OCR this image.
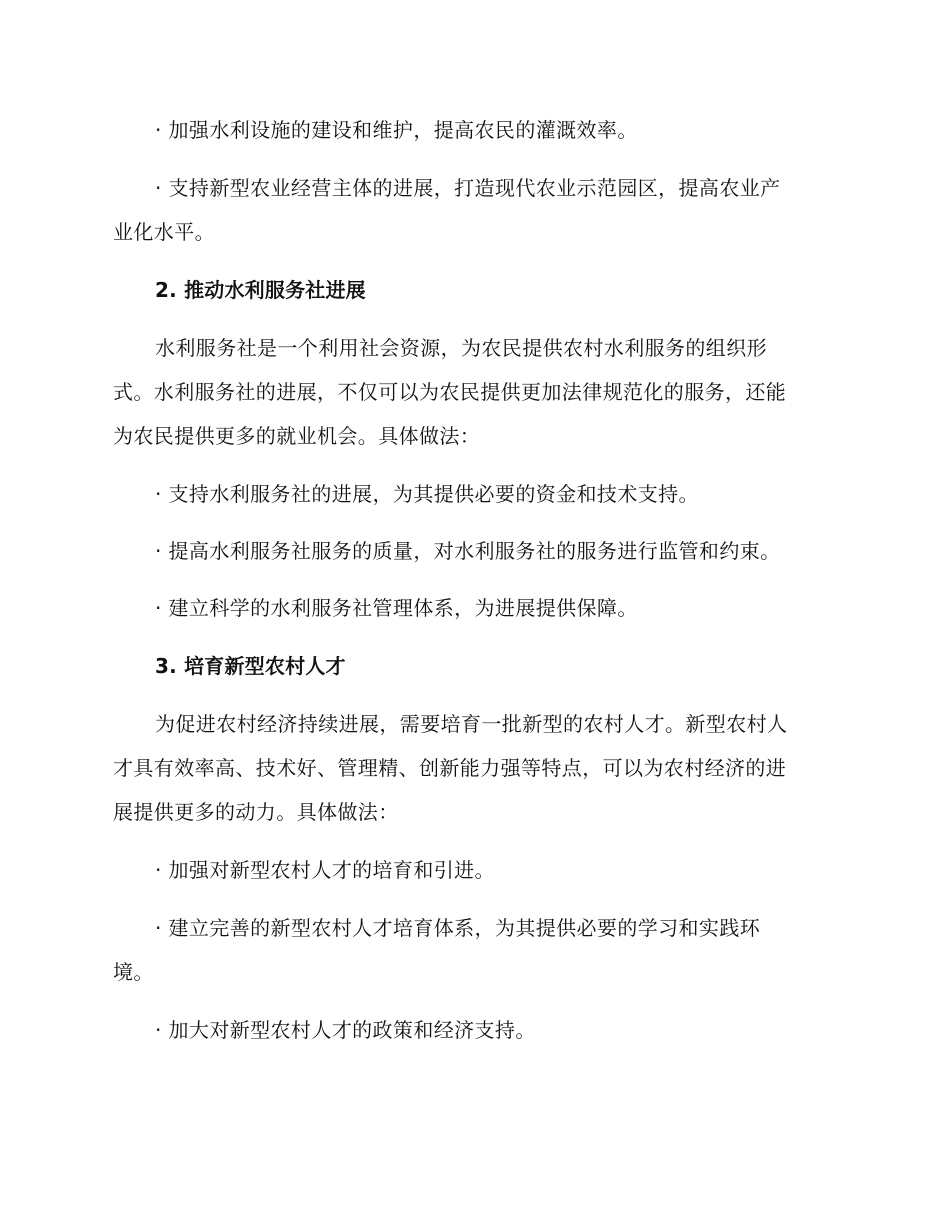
· 加强水利设施的建设和维护，提高农民的灌溉效率。
· 支持新型农业经营主体的进展，打造现代农业示范园区，提高农业产
业化水平。
2. 推动水利服务社进展
水利服务社是一个利用社会资源，为农民提供农村水利服务的组织形
式。水利服务社的进展，不仅可以为农民提供更加法律规范化的服务，还能
为农民提供更多的就业机会。具体做法：
· 支持水利服务社的进展，为其提供必要的资金和技术支持。
· 提高水利服务社服务的质量，对水利服务社的服务进行监管和约束。
· 建立科学的水利服务社管理体系，为进展提供保障。
3. 培育新型农村人才
为促进农村经济持续进展，需要培育一批新型的农村人才。新型农村人
才具有效率高、技术好、管理精、创新能力强等特点，可以为农村经济的进
展提供更多的动力。具体做法：
· 加强对新型农村人才的培育和引进。
· 建立完善的新型农村人才培育体系，为其提供必要的学习和实践环
境。
· 加大对新型农村人才的政策和经济支持。
